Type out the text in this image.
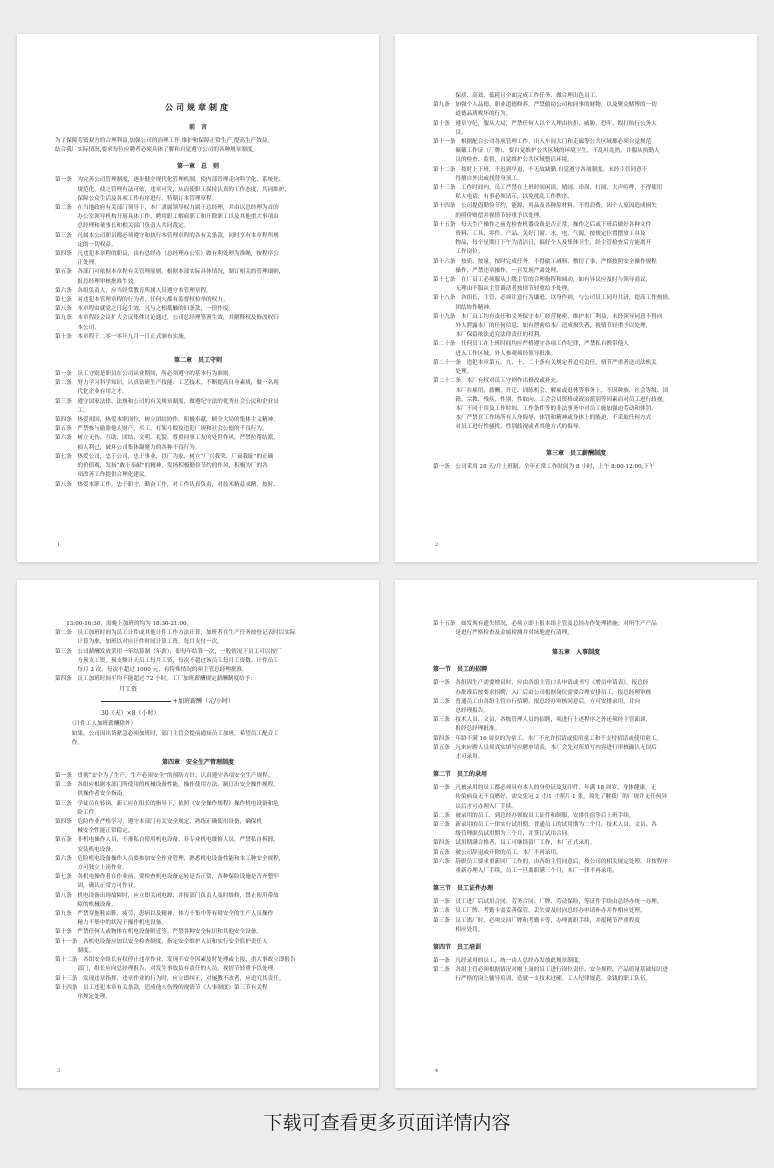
公司规章制度
前　言
为了保障劳资双方的合理利益,加强公司的治理工作,维护和保障正常生产,提高生产效益,
结合我厂实际情况,要求每位应聘者必须具体了解和自觉遵守公司的各种规章制度。
第一章　总　则
第一条　为完善公司管理制度，逐步健全现代化管理机制，使内部管理走向科学化、系统化、
　　　　规范化，使之管理有法可依，违章可究，从而使职工保持认真的工作态度，共同维护、
　　　　保障公众生活及各项工作有序进行，特制订本管理章程。
第二条　在当地政府有关部门领导下，本厂隶属领导权力属于总经理，并由以总经理为首的
　　　　办公室领导机构开展具体工作，聘用职工解雇职工和开除职工以及其他重大事项由
　　　　总经理和董事长和相关部门负责人共同裁定。
第三条　凡属本公司职员都必须遵守和执行本管理章程的各有关条款，同时享有本章程所规
　　　　定的一切权益。
第四条　凡违犯本章程的职员，由有总经办（总经理办公室）做有利处理为准绳，按程序公
　　　　正处理。
第五条　各部门可依据本章程有关管理原则，根据本部实际具体情况，制订相关的管理细则，
　　　　报总经理审核批准生效。
第六条　各组负责人，应当经常教育所属人员遵守本管理章程。
第七条　对违犯本管理章程的行为者，任何人都有监督权检举的权力。
第八条　本章程由就党之日起生效，凡与之相抵触的旧条款，一律作废。
第九条　本章程经会议扩大会议集体讨论通过，公司总经理签署生效，其解释权及修改权归
　　　　本公司。
第十条　本章程于二零一零年九月一日正式颁布实施。
第二章　员工守则
第一条　员工守则是职员在公司从业期间，所必须遵守的基本行为准则。
第二条　努力学习科学知识，认真钻研生产技能、工艺技术，不断提高自身素质，做一名现
　　　　代化企业有用之才。
第三条　遵守国家法律、法规和公司的有关规章制度，做遵纪守法的优秀社会公民和企业员
　　　　工。
第四条　热爱祖国，热爱本职岗位，树立团结协作、积极奉献，顾全大局的集体主义精神。
第五条　严禁参与偷盗他人财产，买工，打架斗殴及违犯厂规和社会公德的不良行为。
第六条　树立无伤、互助、团结、文明、礼貌、尊重同事工友的处世作风，严禁拉帮结派，
　　　　损人利己，破坏公司集体凝聚力的各种不良行为。
第七条　热爱公司，忠于公司，忠于事业，以厂为家，树立“厂兴我荣、厂衰我耻”的正确
　　　　的价值观，发扬“敢于奉献”的精神，发扬积极勤俭节约的作风，积极为厂的各
　　　　项改善工作提供合理化建议。
第八条　热爱本职工作，忠于职守，勤奋工作，对工作认真负责，对技术精益求精，按时、
1
　　　　保质、高效、低耗且全面完成工作任务，做合理出色员工。
第九条　加强个人品德、职业道德修养，严禁偷窃公司和同事的财物，以及聚众赌博的一切
　　　　道德品质败坏的行为。
第十条　遵章守纪，服从大局，严禁任何人以个人理由抗拒、威胁、恐吓、殴打执行公务人
　　　　员。
第十一条　根据配合公司各项管理工作，出入车间大门和走廊等公共区域都必须自觉规范
　　　　佩戴工作证（厂牌），要自觉维护公共区域的环境卫生，不乱吐乱扔，并服从执勤人
　　　　员的检查、监督，自觉维护公共区域整洁环境。
第十二条　按时上下班，不迟到早退，不无故缺勤,自觉遵守各项制度。未经主管同意不
　　　　得擅自外出或找替身顶工。
第十三条　工作时间内，员工严禁在上班时间闲谈、嬉闹、串岗、打闹、大声喧哗，不得使用
　　　　私人电话，有事必须请示，以免扰乱工作秩序。
第十四条　公司提倡勤俭节约，能源、用品及各种原材料，不得浪费，因个人原因造成损失
　　　　的照价赔偿并视情节轻重予以处理。
第十五条　每天生产操作之前先检查机器设备是否正常，操作之后或下班后做好各种文件
　　　　资料、工具、零件、产品、关好门窗、水、电、气源，按规定位置摆放工具及
　　　　物品，每个星期日下午为清洁日，搞好个人及集体卫生，经主管检查后方能离开
　　　　工作岗位。
第十六条　按质、按量、按时完成任务，不得偷工减料、敷衍了事，严格按照安全操作规程
　　　　操作，严禁违章操作，一旦发现严肃处理。
第十七条　在厂员工必须服从上级主管的合理指挥和调动，如有异议应及时与领导商议，
　　　　无理由不服从主管调动者按情节轻重给予处理。
第十八条　各组长，主管，必须注意行为谦逊、以身作则，与公司员工同舟共济，提高工作热情，
　　　　团结协作精神。
第十九条　本厂员工均有责任和义务保守本厂经营秘密，维护本厂利益，未经领导同意不得向
　　　　外人泄露本厂的任何信息，如有泄密给本厂造成损失者，视情节轻重予以处理，
　　　　本厂保留依法追究法律责任的权利。
第二十条　任何员工在上班时间均应严格遵守各项工作纪律，严禁私自携带他人
　　　　进入工作区域，外人参观须经领导批准。
第二十一条　违犯本章第五、九、十、二十条有关规定者追究责任，情节严重者送司法机关
　　　　处理。
第二十二条　本厂有权对员工守则作出修改或补充。
　　　　本厂在雇用、薪酬、升迁、训练机会、解雇或退休等事务上，不因种族、社会等级、国
　　　　籍、宗教、残疾、性别、性取向、工会会员资格或政治派别等因素而对员工进行歧视。
　　　　本厂不同于涉及工作时间、工作条件等的非法事务中对员工施加强迫劳动和体罚。
　　　　本厂严禁在工作场所有人身侮辱、体罚和精神或身体上的胁迫，不采取任何方式
　　　　对员工进行性骚扰、性别歧视或者其他方式的侮辱。
第三章　员工薪酬制度
第一条　公司采用 28 天/月上班制，全年正常工作时间为 8 小时，上午 8:00-12:00,下午
2
　　13:00-16:30，需晚上加班的均为 18:30-21:00。
第二条　员工加班时间为员工计件或其他计件工作方法计算，加班者在生产任务按登记表时以实际
　　　　计算为准，加班以对应计件时间计算工资。每月支付一次。
第三条　公司薪酬发放采用一年结算制（年薪），即每年结算一次，一般情况下员工可以按厂
　　　　方预支工资。预支额计天员工每月工资，每次不超过该员工每月工资数。计件员工
　　　　每月 2 次，每次不超过 1000 元，有特殊情况的须主管总经理批准。
第四条　员工加班时间平均不能超过 72 小时。工厂加班薪酬规定薪酬制度给予：
月工资
+加班薪酬（元/小时）
30（天）×8（小时）
　　　（计件工人加班薪酬除外）
　　　如果，公司因出货紧急必须加班时，部门主管会提前通知员工加班，希望员工配合工
　　　作。
第四章　安全生产管理制度
第一条　贯彻“安全为了生产，生产必须安全”的预防方针，认真遵守各项安全生产规程。
第二条　各组应根据本部门所使用的机械设备性能，操作使用方法，制订出安全操作规程，
　　　　供操作者安全指南。
第三条　学徒员在转岗，新工应在组长的指导下，依照《安全操作规程》操作机电设备和危
　　　　险工件。
第四条　危险作业严格学习，遵守本部门有关安全规定，熟练正确使用设备，确保机
　　　　械安全性能正常稳定。
第五条　非机电操作人员，不准私自使用机电设备，非专业机电维修人员，严禁私自拆卸，
　　　　安装机电设备。
第六条　危险机电设备操作人员要参加安全作业管理，熟悉机电设备性能和本工种安全规程，
　　　　方可独立上岗作业。
第七条　各机电操作者在作业前，要检查机电设备运转是否正常，各种保险设施是否齐整牢
　　　　固，确认正常方可作业。
第八条　机电设备出现故障时，应立即关闭电源，并报部门负责人及时维修，禁止使用带故
　　　　障的机械设备。
第九条　严禁穿拖鞋凉鞋、疲劳、患病以及精神、体力不集中等有碍安全的生产人员操作
　　　　精力不集中的状况下操作机电设备。
第十条　严禁任何人或物体在机电设备附近等。严禁各种安全标识和其他安全设备。
第十一条　各机电设备应加以安全检查制度，指定安全维护人员和实行安全监护责任人
　　　　制度。
第十二条　各组安全组长有权停止违章作业，发现不安全因素及时处理或上报，重大事故立即报告
　　　　部门，组长应向总经理报告，对发生事故负有责任的人员，视情节轻重予以处理。
第十三条　发现违章指挥、违章作业的行为时，应立即纠正，对屡教不改者，应追究其责任。
第十四条　员工违犯本章有关条款，造成他人伤残的视情节《人事制度》第三节有关程
　　　　序规定处理。
3
第十五条　如发现有遗失情况，必须立即上报本组主管及总经办作处理措施；对所生产产品
　　　　是进行严格检查及金属检测并对场地进行清理。
第五章　人事制度
第一节　员工的招聘
第一条　各组因生产需要增员时，应由各组主管口头申请或书写《增员申请表》，报总经
　　　　办批准后按要求招聘，入厂后由公司根据岗位需要合理安排员工，报总经理审核
第二条　普通员工由各组主管自行招聘，报总经办审核同意后，方可安排录用，并向
　　　　总经理报告。
第三条　技术人员、文员、各级管理人员的招聘，须进行上述程序之外还须经主管面谈，
　　　　报经总经理批准。
第四条　年龄不满 16 周岁的为童工，本厂不允许招请或使用童工和不支持招请或使用童工。
第五条　凡来应聘人员须真实填写应聘申请表，本厂会先对所填写内容进行审核确认无误后
　　　　才可录用。
第二节　员工的录用
第一条　凡被录用的员工都必须具有本人的身份证及复印件、年满 18 周岁、身体健康、无
　　　　传染病及无不良嗜好，需交免冠 2 寸/1 寸照片 1 张，须先了解我厂的厂规并无任何异
　　　　议后才可办理入厂手续。
第二条　被录用的员工，到总经办领取员工证件和制服，安排住宿等后上班手续。
第三条　新录用的员工一律实行试用期，普通员工的试用期为二个月，技术人员、文员、各
　　　　级管理职员试用期为三个月，并签订试用合同。
第四条　试用期满合格者，员工可继续留厂工作，本厂正式录用。
第五条　被公司辞退或开除的员工，本厂不再录用。
第六条　辞职员工要求重新回厂工作的，由各组主管同意后，按公司的相关规定处理，并按程序
　　　　重新办理入厂手续，员工一旦离职满三个月，本厂一律不再录用。
第三节　员工证件办理
第一条　员工进厂后试用合同、劳务合同、厂牌、劳动保险，等证件手续由总经办统一办理。
第二条　员工厂牌、考勤卡需妥善保管，丢失要及时向总经办申请补办并作相应处理。
第三条　员工离厂时，必须交回厂牌和考勤卡等，办理离职手续，并报精节严重程度
　　　　相应处罚。
第四节　员工培训
第一条　凡经录用的员工，统一由人总经办发放此规章制度。
第二条　各组主管必须根据情况对刚上岗的员工进行岗位责任、安全规程、产品质量基础知识进
　　　　行严格的岗上辅导培训，造就一支技术过硬、工人纪律规范、金钱的职工队伍。
4
下载可查看更多页面详情内容
